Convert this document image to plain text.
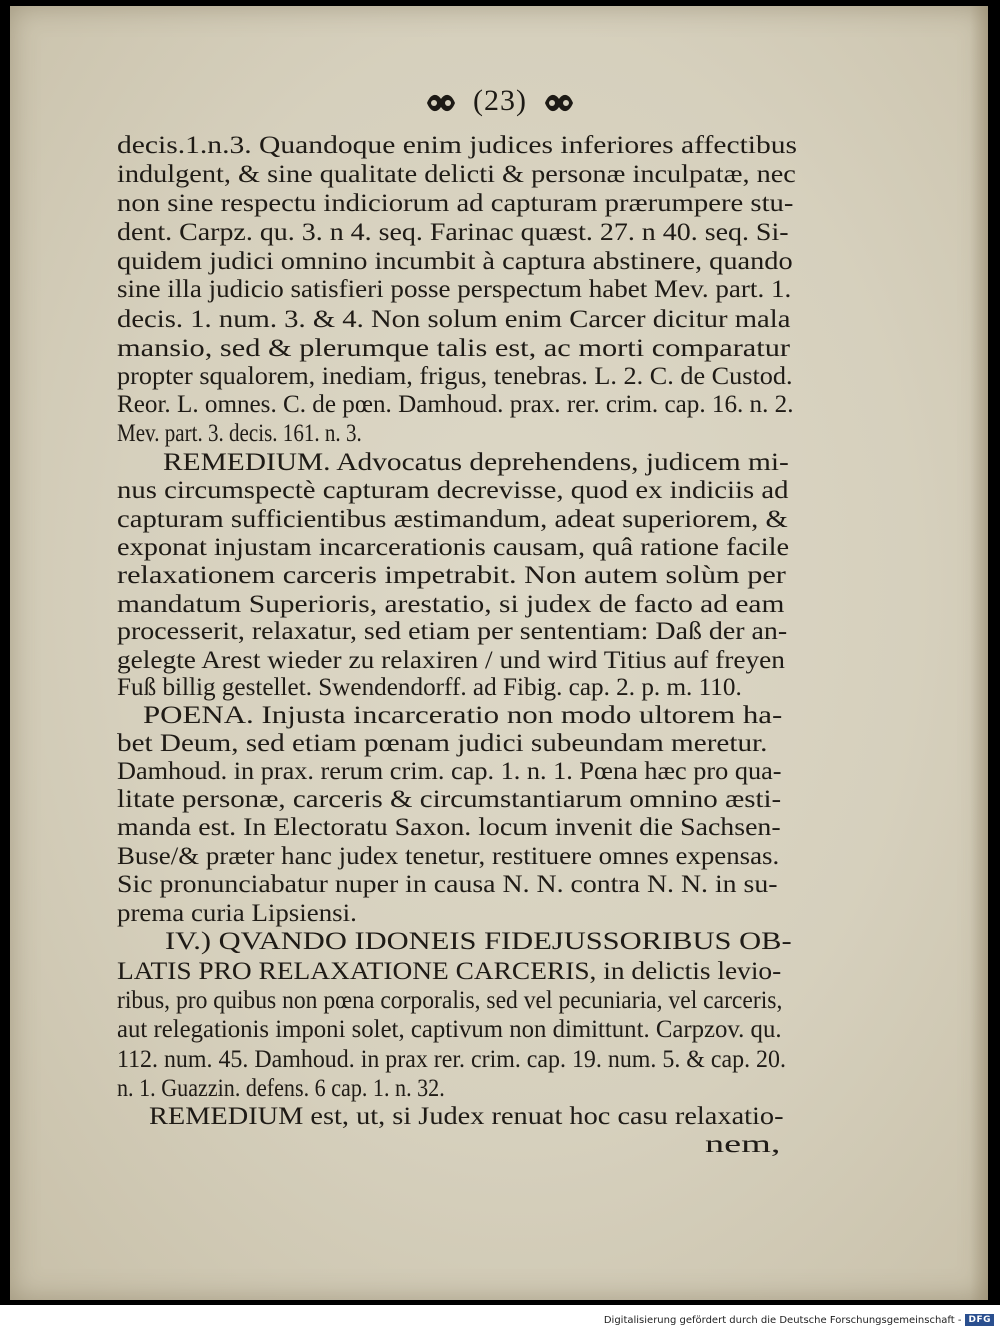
(23)
decis.1.n.3. Quandoque enim judices inferiores affectibus
indulgent, & sine qualitate delicti & personæ inculpatæ, nec
non sine respectu indiciorum ad capturam prærumpere stu-
dent. Carpz. qu. 3. n 4. seq. Farinac quæst. 27. n 40. seq. Si-
quidem judici omnino incumbit à captura abstinere, quando
sine illa judicio satisfieri posse perspectum habet Mev. part. 1.
decis. 1. num. 3. & 4. Non solum enim Carcer dicitur mala
mansio, sed & plerumque talis est, ac morti comparatur
propter squalorem, inediam, frigus, tenebras. L. 2. C. de Custod.
Reor. L. omnes. C. de pœn. Damhoud. prax. rer. crim. cap. 16. n. 2.
Mev. part. 3. decis. 161. n. 3.
REMEDIUM. Advocatus deprehendens, judicem mi-
nus circumspectè capturam decrevisse, quod ex indiciis ad
capturam sufficientibus æstimandum, adeat superiorem, &
exponat injustam incarcerationis causam, quâ ratione facile
relaxationem carceris impetrabit. Non autem solùm per
mandatum Superioris, arestatio, si judex de facto ad eam
processerit, relaxatur, sed etiam per sententiam: Daß der an-
gelegte Arest wieder zu relaxiren / und wird Titius auf freyen
Fuß billig gestellet. Swendendorff. ad Fibig. cap. 2. p. m. 110.
POENA. Injusta incarceratio non modo ultorem ha-
bet Deum, sed etiam pœnam judici subeundam meretur.
Damhoud. in prax. rerum crim. cap. 1. n. 1. Pœna hæc pro qua-
litate personæ, carceris & circumstantiarum omnino æsti-
manda est. In Electoratu Saxon. locum invenit die Sachsen-
Buse/& præter hanc judex tenetur, restituere omnes expensas.
Sic pronunciabatur nuper in causa N. N. contra N. N. in su-
prema curia Lipsiensi.
IV.) QVANDO IDONEIS FIDEJUSSORIBUS OB-
LATIS PRO RELAXATIONE CARCERIS, in delictis levio-
ribus, pro quibus non pœna corporalis, sed vel pecuniaria, vel carceris,
aut relegationis imponi solet, captivum non dimittunt. Carpzov. qu.
112. num. 45. Damhoud. in prax rer. crim. cap. 19. num. 5. & cap. 20.
n. 1. Guazzin. defens. 6 cap. 1. n. 32.
REMEDIUM est, ut, si Judex renuat hoc casu relaxatio-
nem,
Digitalisierung gefördert durch die Deutsche Forschungsgemeinschaft - DFG
